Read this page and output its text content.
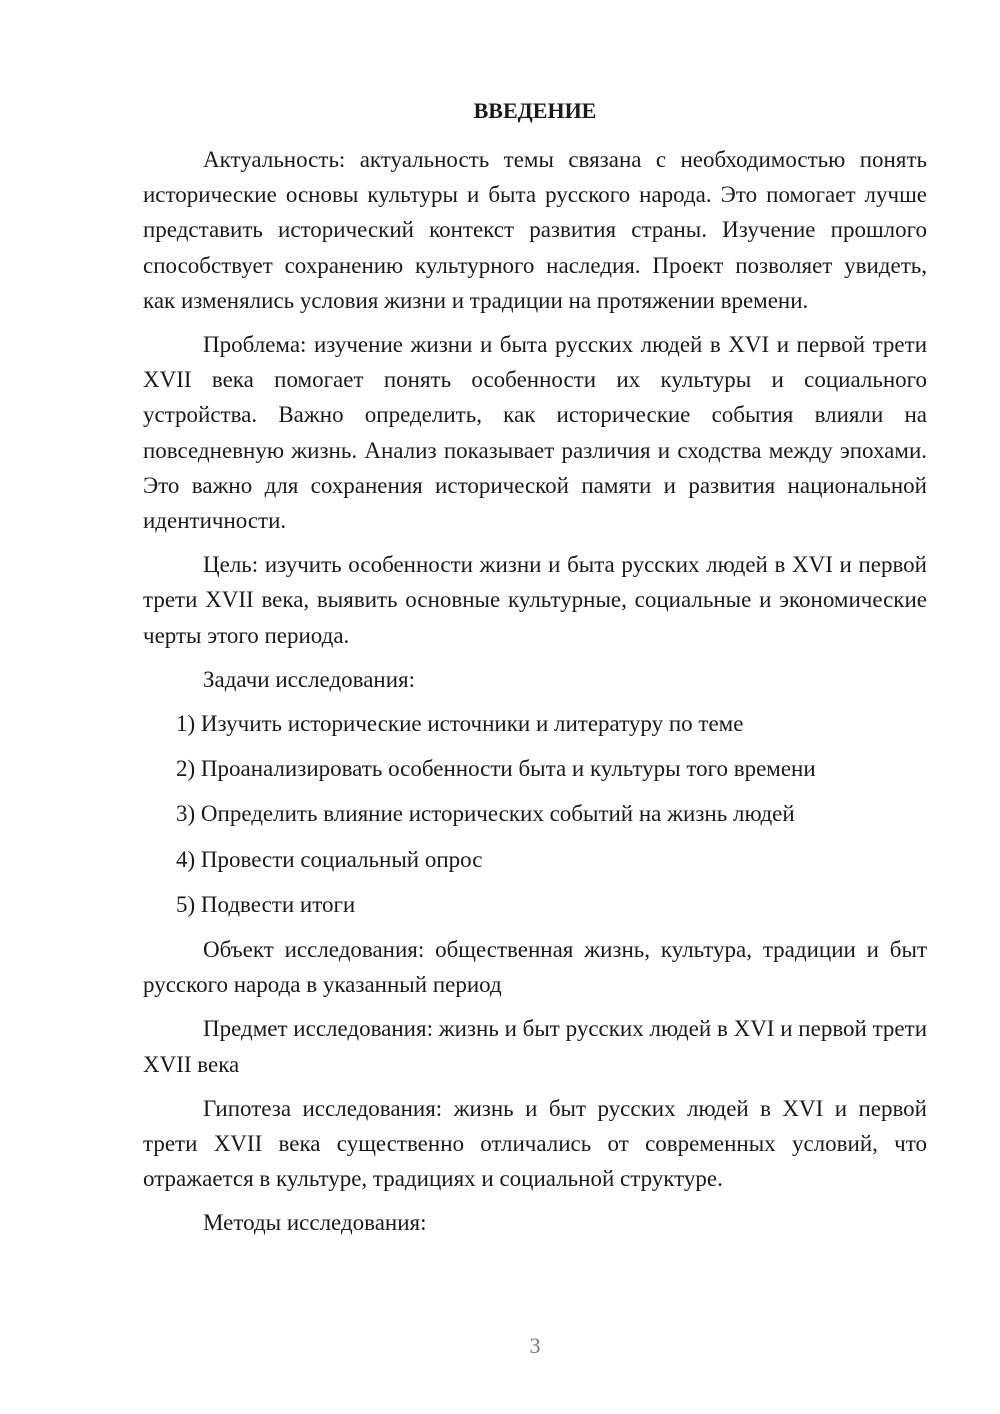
ВВЕДЕНИЕ

Актуальность: актуальность темы связана с необходимостью понять исторические основы культуры и быта русского народа. Это помогает лучше представить исторический контекст развития страны. Изучение прошлого способствует сохранению культурного наследия. Проект позволяет увидеть, как изменялись условия жизни и традиции на протяжении времени.

Проблема: изучение жизни и быта русских людей в XVI и первой трети XVII века помогает понять особенности их культуры и социального устройства. Важно определить, как исторические события влияли на повседневную жизнь. Анализ показывает различия и сходства между эпохами. Это важно для сохранения исторической памяти и развития национальной идентичности.

Цель: изучить особенности жизни и быта русских людей в XVI и первой трети XVII века, выявить основные культурные, социальные и экономические черты этого периода.

Задачи исследования:

1) Изучить исторические источники и литературу по теме

2) Проанализировать особенности быта и культуры того времени

3) Определить влияние исторических событий на жизнь людей

4) Провести социальный опрос

5) Подвести итоги

Объект исследования: общественная жизнь, культура, традиции и быт русского народа в указанный период

Предмет исследования: жизнь и быт русских людей в XVI и первой трети XVII века

Гипотеза исследования: жизнь и быт русских людей в XVI и первой трети XVII века существенно отличались от современных условий, что отражается в культуре, традициях и социальной структуре.

Методы исследования:

3
